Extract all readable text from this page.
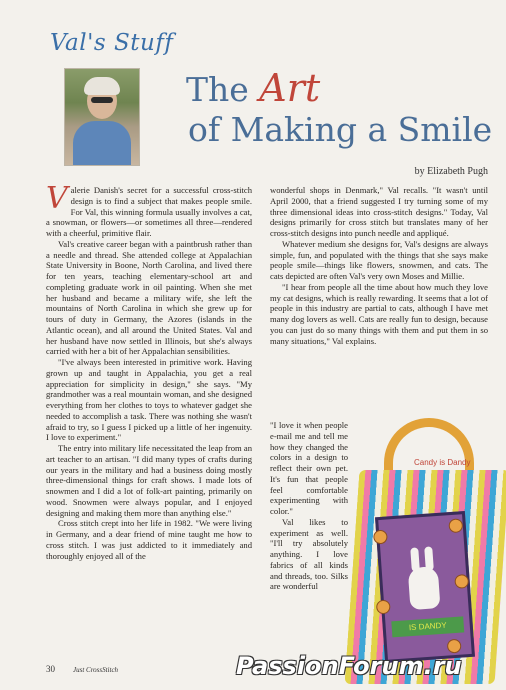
Val's Stuff
The Art
of Making a Smile
by Elizabeth Pugh

Valerie Danish's secret for a successful cross-stitch design is to find a subject that makes people smile. For Val, this winning formula usually involves a cat, a snowman, or flowers—or sometimes all three—rendered with a cheerful, primitive flair.

Val's creative career began with a paintbrush rather than a needle and thread. She attended college at Appalachian State University in Boone, North Carolina, and lived there for ten years, teaching elementary-school art and completing graduate work in oil painting. When she met her husband and became a military wife, she left the mountains of North Carolina in which she grew up for tours of duty in Germany, the Azores (islands in the Atlantic ocean), and all around the United States. Val and her husband have now settled in Illinois, but she's always carried with her a bit of her Appalachian sensibilities.

"I've always been interested in primitive work. Having grown up and taught in Appalachia, you get a real appreciation for simplicity in design," she says. "My grandmother was a real mountain woman, and she designed everything from her clothes to toys to whatever gadget she needed to accomplish a task. There was nothing she wasn't afraid to try, so I guess I picked up a little of her ingenuity. I love to experiment."

The entry into military life necessitated the leap from an art teacher to an artisan. "I did many types of crafts during our years in the military and had a business doing mostly three-dimensional things for craft shows. I made lots of snowmen and I did a lot of folk-art painting, primarily on wood. Snowmen were always popular, and I enjoyed designing and making them more than anything else."

Cross stitch crept into her life in 1982. "We were living in Germany, and a dear friend of mine taught me how to cross stitch. I was just addicted to it immediately and thoroughly enjoyed all of the

wonderful shops in Denmark," Val recalls. "It wasn't until April 2000, that a friend suggested I try turning some of my three dimensional ideas into cross-stitch designs." Today, Val designs primarily for cross stitch but translates many of her cross-stitch designs into punch needle and appliqué.

Whatever medium she designs for, Val's designs are always simple, fun, and populated with the things that she says make people smile—things like flowers, snowmen, and cats. The cats depicted are often Val's very own Moses and Millie.

"I hear from people all the time about how much they love my cat designs, which is really rewarding. It seems that a lot of people in this industry are partial to cats, although I have met many dog lovers as well. Cats are really fun to design, because you can just do so many things with them and put them in so many situations," Val explains.

"I love it when people e-mail me and tell me how they changed the colors in a design to reflect their own pet. It's fun that people feel comfortable experimenting with color."

Val likes to experiment as well. "I'll try absolutely anything. I love fabrics of all kinds and threads, too. Silks are wonderful

IS DANDY
Candy is Dandy
30	Just CrossStitch	PassionForum.ru
